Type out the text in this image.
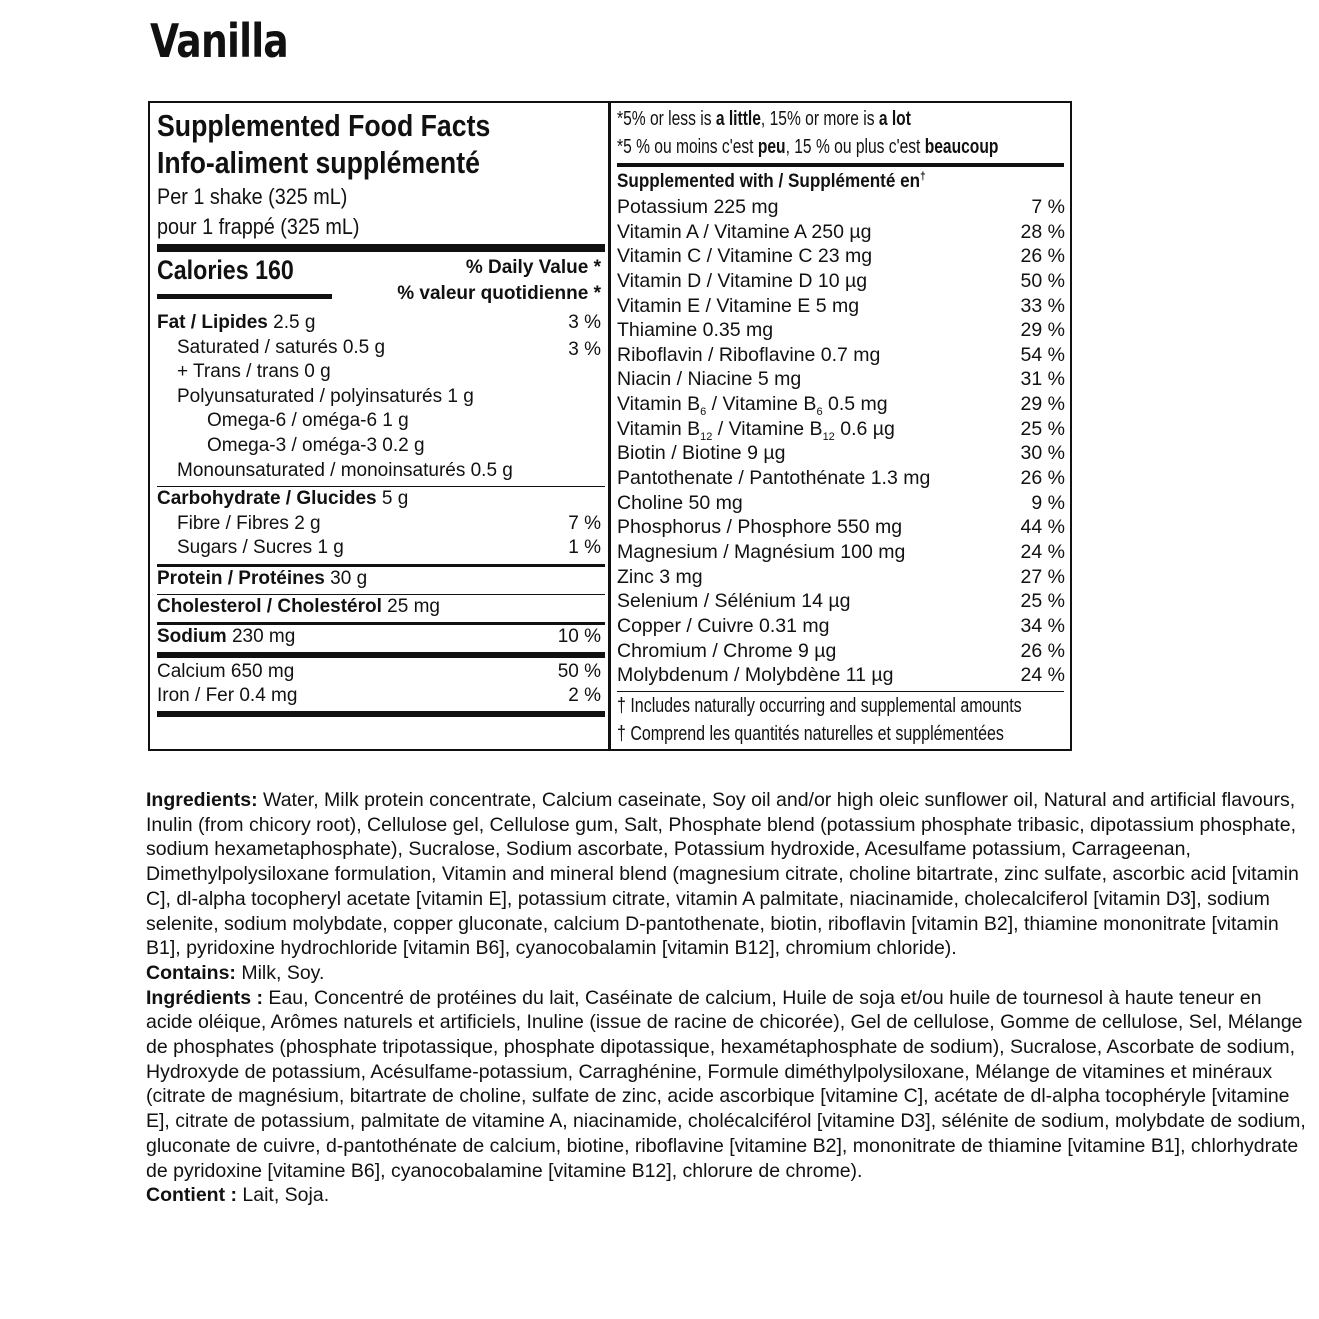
Vanilla
Supplemented Food Facts
Info-aliment supplémenté
Per 1 shake (325 mL)
pour 1 frappé (325 mL)
Calories 160	% Daily Value *
% valeur quotidienne *
Fat / Lipides 2.5 g	3 %
Saturated / saturés 0.5 g	3 %
+ Trans / trans 0 g
Polyunsaturated / polyinsaturés 1 g
Omega-6 / oméga-6 1 g
Omega-3 / oméga-3 0.2 g
Monounsaturated / monoinsaturés 0.5 g
Carbohydrate / Glucides 5 g
Fibre / Fibres 2 g	7 %
Sugars / Sucres 1 g	1 %
Protein / Protéines 30 g
Cholesterol / Cholestérol 25 mg
Sodium 230 mg	10 %
Calcium 650 mg	50 %
Iron / Fer 0.4 mg	2 %
*5% or less is a little, 15% or more is a lot
*5 % ou moins c'est peu, 15 % ou plus c'est beaucoup
Supplemented with / Supplémenté en†
Potassium 225 mg	7 %
Vitamin A / Vitamine A 250 µg	28 %
Vitamin C / Vitamine C 23 mg	26 %
Vitamin D / Vitamine D 10 µg	50 %
Vitamin E / Vitamine E 5 mg	33 %
Thiamine 0.35 mg	29 %
Riboflavin / Riboflavine 0.7 mg	54 %
Niacin / Niacine 5 mg	31 %
Vitamin $B_6$ / Vitamine $B_6$ 0.5 mg	29 %
Vitamin $B_{12}$ / Vitamine $B_{12}$ 0.6 µg	25 %
Biotin / Biotine 9 µg	30 %
Pantothenate / Pantothénate 1.3 mg	26 %
Choline 50 mg	9 %
Phosphorus / Phosphore 550 mg	44 %
Magnesium / Magnésium 100 mg	24 %
Zinc 3 mg	27 %
Selenium / Sélénium 14 µg	25 %
Copper / Cuivre 0.31 mg	34 %
Chromium / Chrome 9 µg	26 %
Molybdenum / Molybdène 11 µg	24 %
† Includes naturally occurring and supplemental amounts
† Comprend les quantités naturelles et supplémentées

Ingredients: Water, Milk protein concentrate, Calcium caseinate, Soy oil and/or high oleic sunflower oil, Natural and artificial flavours, Inulin (from chicory root), Cellulose gel, Cellulose gum, Salt, Phosphate blend (potassium phosphate tribasic, dipotassium phosphate, sodium hexametaphosphate), Sucralose, Sodium ascorbate, Potassium hydroxide, Acesulfame potassium, Carrageenan, Dimethylpolysiloxane formulation, Vitamin and mineral blend (magnesium citrate, choline bitartrate, zinc sulfate, ascorbic acid [vitamin C], dl-alpha tocopheryl acetate [vitamin E], potassium citrate, vitamin A palmitate, niacinamide, cholecalciferol [vitamin D3], sodium selenite, sodium molybdate, copper gluconate, calcium D-pantothenate, biotin, riboflavin [vitamin B2], thiamine mononitrate [vitamin B1], pyridoxine hydrochloride [vitamin B6], cyanocobalamin [vitamin B12], chromium chloride).

Contains: Milk, Soy.

Ingrédients : Eau, Concentré de protéines du lait, Caséinate de calcium, Huile de soja et/ou huile de tournesol à haute teneur en acide oléique, Arômes naturels et artificiels, Inuline (issue de racine de chicorée), Gel de cellulose, Gomme de cellulose, Sel, Mélange de phosphates (phosphate tripotassique, phosphate dipotassique, hexamétaphosphate de sodium), Sucralose, Ascorbate de sodium, Hydroxyde de potassium, Acésulfame-potassium, Carraghénine, Formule diméthylpolysiloxane, Mélange de vitamines et minéraux (citrate de magnésium, bitartrate de choline, sulfate de zinc, acide ascorbique [vitamine C], acétate de dl-alpha tocophéryle [vitamine E], citrate de potassium, palmitate de vitamine A, niacinamide, cholécalciférol [vitamine D3], sélénite de sodium, molybdate de sodium, gluconate de cuivre, d-pantothénate de calcium, biotine, riboflavine [vitamine B2], mononitrate de thiamine [vitamine B1], chlorhydrate de pyridoxine [vitamine B6], cyanocobalamine [vitamine B12], chlorure de chrome).

Contient : Lait, Soja.
